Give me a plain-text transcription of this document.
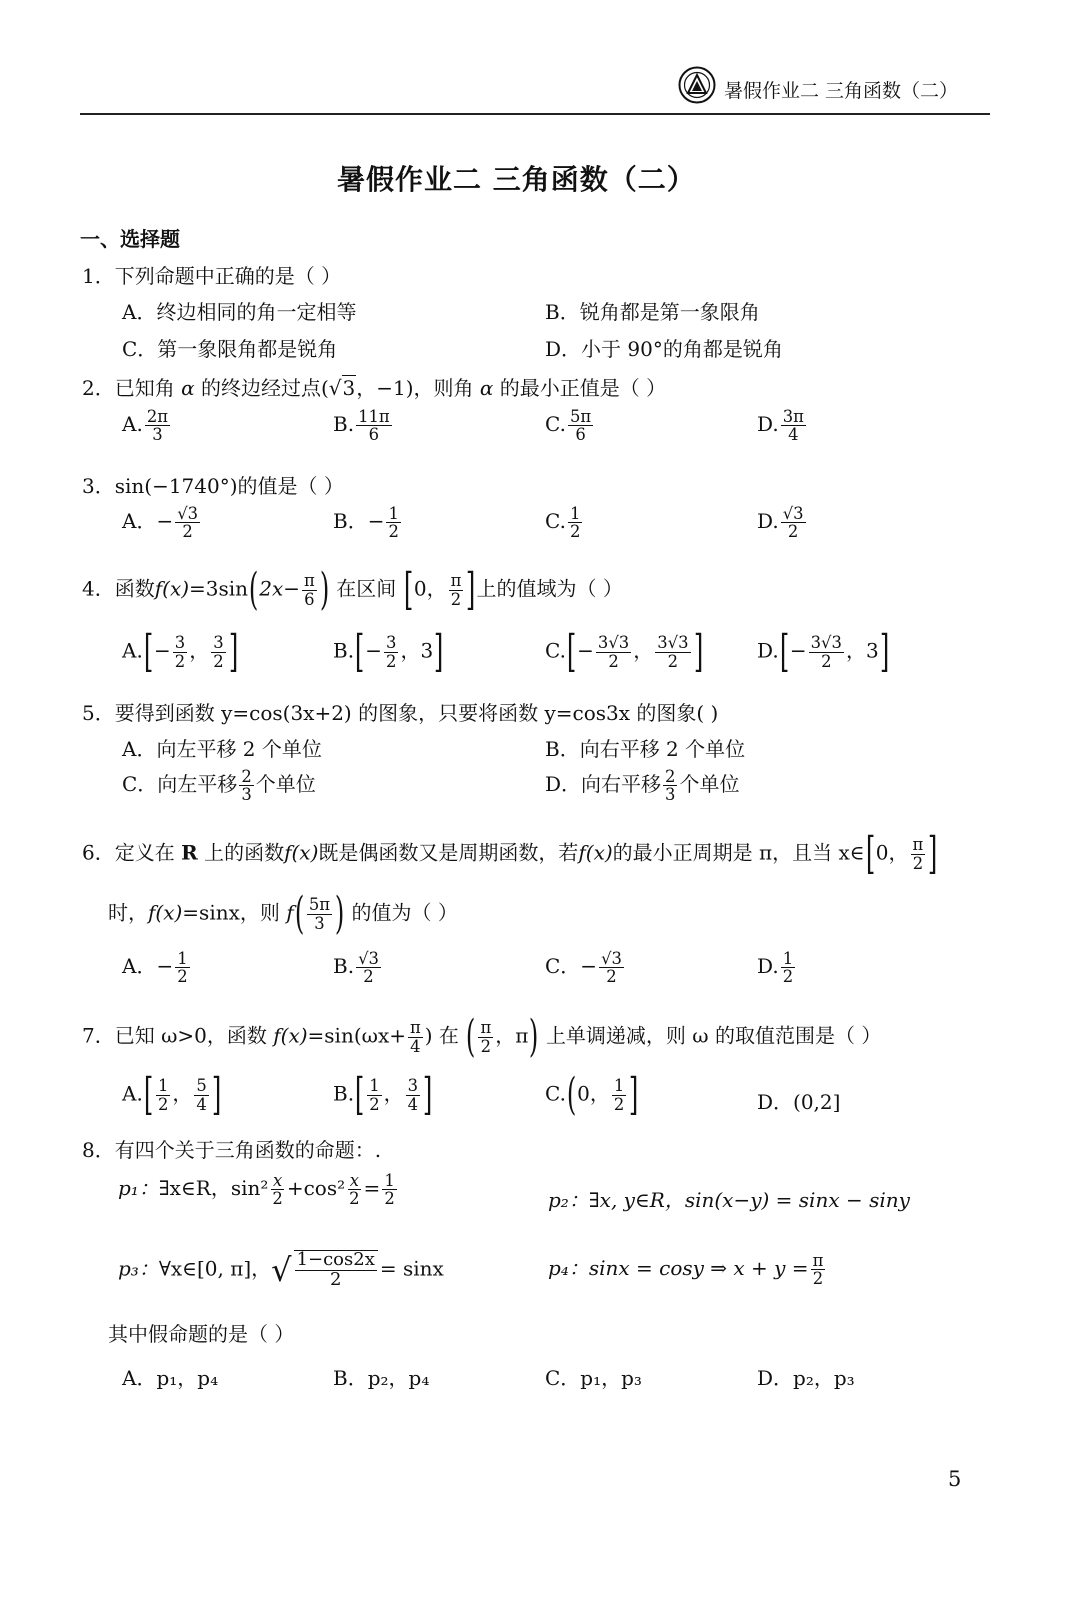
暑假作业二 三角函数（二）
暑假作业二 三角函数（二）
一、选择题
1．下列命题中正确的是（ ）
A．终边相同的角一定相等	B．锐角都是第一象限角
C．第一象限角都是锐角	D．小于 90°的角都是锐角
2．已知角 α 的终边经过点(√3，−1)，则角 α 的最小正值是（ ）
A. $\frac{2\pi}{3}$	B. $\frac{11\pi}{6}$	C. $\frac{5\pi}{6}$	D. $\frac{3\pi}{4}$
3．sin(−1740°)的值是（ ）
A．− $\frac{√3}{2}$	B．− $\frac{1}{2}$	C. $\frac{1}{2}$	D. $\frac{√3}{2}$
4．函数$f(x)=3\sin(2x- \frac{\pi}{6}$ ) 在区间 [0， $\frac{\pi}{2}$ ]上的值域为（ ）
$A.[- \frac{3}{2}$ ， $\frac{3}{2}$ ]	$B.[- \frac{3}{2}$ ，3]	$C.[- \frac{3√3}{2}$ ， $\frac{3√3}{2}$ ]	$D.[- \frac{3√3}{2}$ ，3]
5．要得到函数 y=cos(3x+2) 的图象，只要将函数 y=cos3x 的图象( )
A．向左平移 2 个单位	B．向右平移 2 个单位
C．向左平移 $\frac{2}{3}$ 个单位	D．向右平移 $\frac{2}{3}$ 个单位
6．定义在 R 上的函数f(x)既是偶函数又是周期函数，若f(x)的最小正周期是 π，且当 x∈[0， $\frac{\pi}{2}$ ]
时，f(x)=sinx，则 $f( \frac{5\pi}{3}$ ) 的值为（ ）
A．− $\frac{1}{2}$	B. $\frac{√3}{2}$	C．− $\frac{√3}{2}$	D. $\frac{1}{2}$
7．已知 ω>0，函数 $f(x)=\sin(\omega x+ \frac{\pi}{4}$ ) 在 ( $\frac{\pi}{2}$ ，π) 上单调递减，则 ω 的取值范围是（ ）
$A.[ \frac{1}{2}$ ， $\frac{5}{4}$ ]	$B.[ \frac{1}{2}$ ， $\frac{3}{4}$ ]	C.(0， $\frac{1}{2}$ ]	D．(0,2]
8．有四个关于三角函数的命题：.
p₁：∃x∈R，$\sin^2 \frac{x}{2} +\cos^2 \frac{x}{2} = \frac{1}{2}$	p₂：∃x, y∈R，sin(x−y) = sinx − siny
p₃：∀x∈[0, π]，√ $\frac{1-\cos 2x}{2} = \sin x$	p₄：sinx = cosy ⇒ $x + y = \frac{\pi}{2}$
其中假命题的是（ ）
A．p₁，p₄	B．p₂，p₄	C．p₁，p₃	D．p₂，p₃
5
